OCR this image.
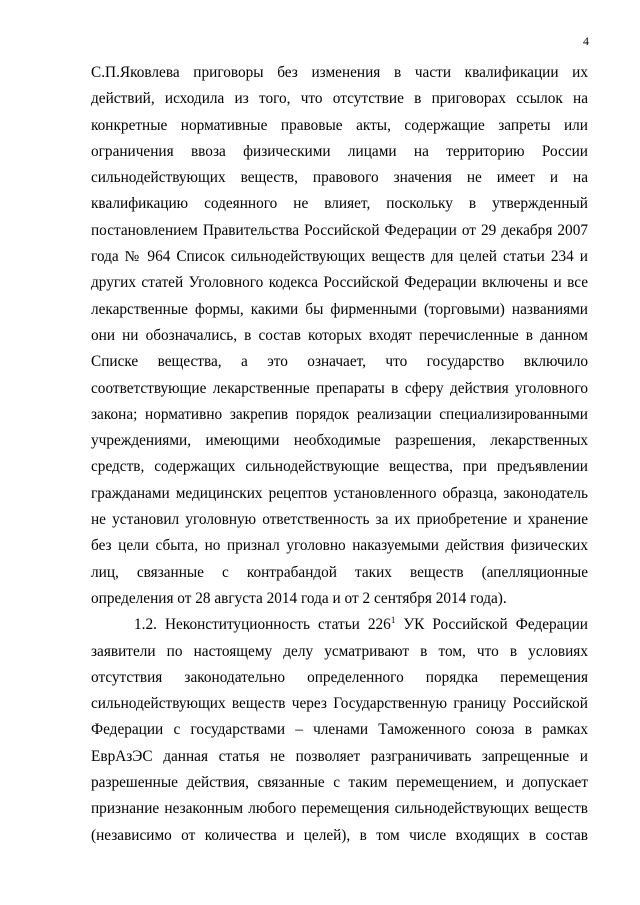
4
С.П.Яковлева приговоры без изменения в части квалификации их
действий, исходила из того, что отсутствие в приговорах ссылок на
конкретные нормативные правовые акты, содержащие запреты или
ограничения ввоза физическими лицами на территорию России
сильнодействующих веществ, правового значения не имеет и на
квалификацию содеянного не влияет, поскольку в утвержденный
постановлением Правительства Российской Федерации от 29 декабря 2007
года № 964 Список сильнодействующих веществ для целей статьи 234 и
других статей Уголовного кодекса Российской Федерации включены и все
лекарственные формы, какими бы фирменными (торговыми) названиями
они ни обозначались, в состав которых входят перечисленные в данном
Списке вещества, а это означает, что государство включило
соответствующие лекарственные препараты в сферу действия уголовного
закона; нормативно закрепив порядок реализации специализированными
учреждениями, имеющими необходимые разрешения, лекарственных
средств, содержащих сильнодействующие вещества, при предъявлении
гражданами медицинских рецептов установленного образца, законодатель
не установил уголовную ответственность за их приобретение и хранение
без цели сбыта, но признал уголовно наказуемыми действия физических
лиц, связанные с контрабандой таких веществ (апелляционные
определения от 28 августа 2014 года и от 2 сентября 2014 года).
1.2. Неконституционность статьи $226^1$ УК Российской Федерации
заявители по настоящему делу усматривают в том, что в условиях
отсутствия законодательно определенного порядка перемещения
сильнодействующих веществ через Государственную границу Российской
Федерации с государствами – членами Таможенного союза в рамках
ЕврАзЭС данная статья не позволяет разграничивать запрещенные и
разрешенные действия, связанные с таким перемещением, и допускает
признание незаконным любого перемещения сильнодействующих веществ
(независимо от количества и целей), в том числе входящих в состав
